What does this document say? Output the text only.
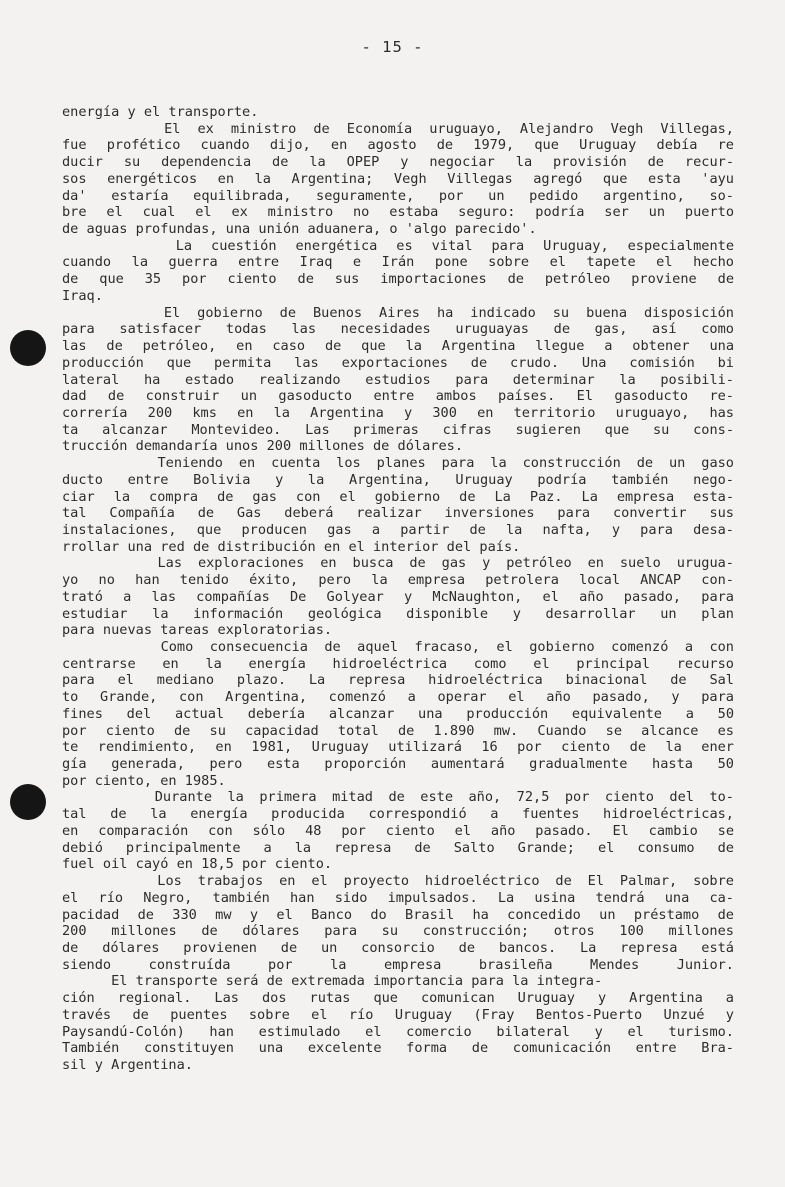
- 15 -
energía y el transporte.
El ex ministro de Economía uruguayo, Alejandro Vegh Villegas,
fue profético cuando dijo, en agosto de 1979, que Uruguay debía re
ducir su dependencia de la OPEP y negociar la provisión de recur-
sos energéticos en la Argentina; Vegh Villegas agregó que esta 'ayu
da' estaría equilibrada, seguramente, por un pedido argentino, so-
bre el cual el ex ministro no estaba seguro: podría ser un puerto
de aguas profundas, una unión aduanera, o 'algo parecido'.
La cuestión energética es vital para Uruguay, especialmente
cuando la guerra entre Iraq e Irán pone sobre el tapete el hecho
de que 35 por ciento de sus importaciones de petróleo proviene de
Iraq.
El gobierno de Buenos Aires ha indicado su buena disposición
para satisfacer todas las necesidades uruguayas de gas, así como
las de petróleo, en caso de que la Argentina llegue a obtener una
producción que permita las exportaciones de crudo. Una comisión bi
lateral ha estado realizando estudios para determinar la posibili-
dad de construir un gasoducto entre ambos países. El gasoducto re-
correría 200 kms en la Argentina y 300 en territorio uruguayo, has
ta alcanzar Montevideo. Las primeras cifras sugieren que su cons-
trucción demandaría unos 200 millones de dólares.
Teniendo en cuenta los planes para la construcción de un gaso
ducto entre Bolivia y la Argentina, Uruguay podría también nego-
ciar la compra de gas con el gobierno de La Paz. La empresa esta-
tal Compañía de Gas deberá realizar inversiones para convertir sus
instalaciones, que producen gas a partir de la nafta, y para desa-
rrollar una red de distribución en el interior del país.
Las exploraciones en busca de gas y petróleo en suelo urugua-
yo no han tenido éxito, pero la empresa petrolera local ANCAP con-
trató a las compañías De Golyear y McNaughton, el año pasado, para
estudiar la información geológica disponible y desarrollar un plan
para nuevas tareas exploratorias.
Como consecuencia de aquel fracaso, el gobierno comenzó a con
centrarse en la energía hidroeléctrica como el principal recurso
para el mediano plazo. La represa hidroeléctrica binacional de Sal
to Grande, con Argentina, comenzó a operar el año pasado, y para
fines del actual debería alcanzar una producción equivalente a 50
por ciento de su capacidad total de 1.890 mw. Cuando se alcance es
te rendimiento, en 1981, Uruguay utilizará 16 por ciento de la ener
gía generada, pero esta proporción aumentará gradualmente hasta 50
por ciento, en 1985.
Durante la primera mitad de este año, 72,5 por ciento del to-
tal de la energía producida correspondió a fuentes hidroeléctricas,
en comparación con sólo 48 por ciento el año pasado. El cambio se
debió principalmente a la represa de Salto Grande; el consumo de
fuel oil cayó en 18,5 por ciento.
Los trabajos en el proyecto hidroeléctrico de El Palmar, sobre
el río Negro, también han sido impulsados. La usina tendrá una ca-
pacidad de 330 mw y el Banco do Brasil ha concedido un préstamo de
200 millones de dólares para su construcción; otros 100 millones
de dólares provienen de un consorcio de bancos. La represa está
siendo construída por la empresa brasileña Mendes Junior.
El transporte será de extremada importancia para la integra-
ción regional. Las dos rutas que comunican Uruguay y Argentina a
través de puentes sobre el río Uruguay (Fray Bentos-Puerto Unzué y
Paysandú-Colón) han estimulado el comercio bilateral y el turismo.
También constituyen una excelente forma de comunicación entre Bra-
sil y Argentina.
